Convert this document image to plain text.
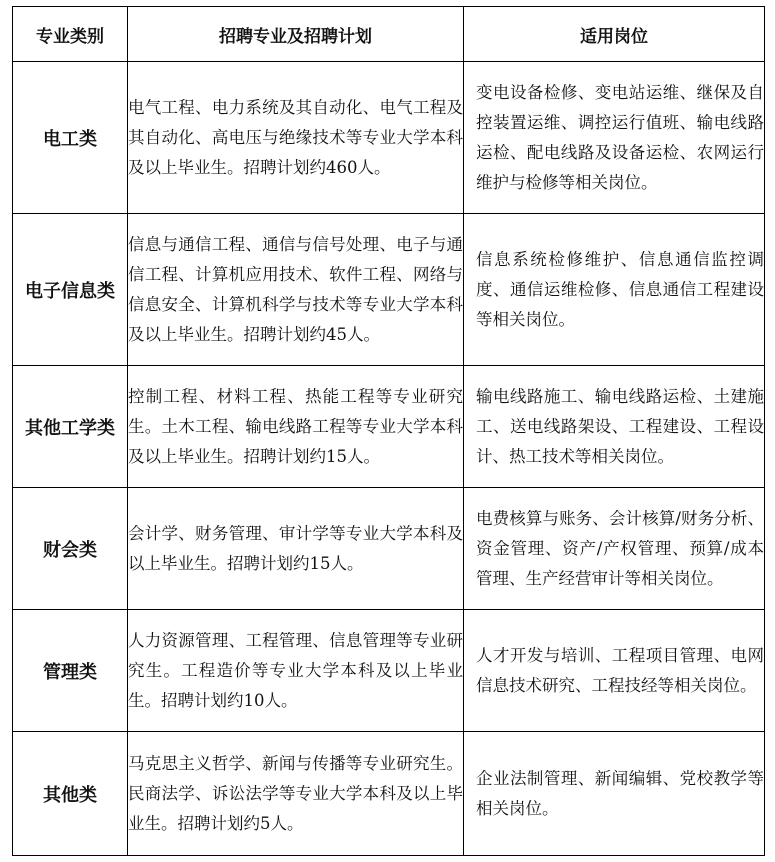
专业类别	招聘专业及招聘计划	适用岗位
电工类	电气工程、电力系统及其自动化、电气工程及其自动化、高电压与绝缘技术等专业大学本科及以上毕业生。招聘计划约460人。	变电设备检修、变电站运维、继保及自控装置运维、调控运行值班、输电线路运检、配电线路及设备运检、农网运行维护与检修等相关岗位。
电子信息类	信息与通信工程、通信与信号处理、电子与通信工程、计算机应用技术、软件工程、网络与信息安全、计算机科学与技术等专业大学本科及以上毕业生。招聘计划约45人。	信息系统检修维护、信息通信监控调度、通信运维检修、信息通信工程建设等相关岗位。
其他工学类	控制工程、材料工程、热能工程等专业研究生。土木工程、输电线路工程等专业大学本科及以上毕业生。招聘计划约15人。	输电线路施工、输电线路运检、土建施工、送电线路架设、工程建设、工程设计、热工技术等相关岗位。
财会类	会计学、财务管理、审计学等专业大学本科及以上毕业生。招聘计划约15人。	电费核算与账务、会计核算/财务分析、资金管理、资产/产权管理、预算/成本管理、生产经营审计等相关岗位。
管理类	人力资源管理、工程管理、信息管理等专业研究生。工程造价等专业大学本科及以上毕业生。招聘计划约10人。	人才开发与培训、工程项目管理、电网信息技术研究、工程技经等相关岗位。
其他类	马克思主义哲学、新闻与传播等专业研究生。民商法学、诉讼法学等专业大学本科及以上毕业生。招聘计划约5人。	企业法制管理、新闻编辑、党校教学等相关岗位。
